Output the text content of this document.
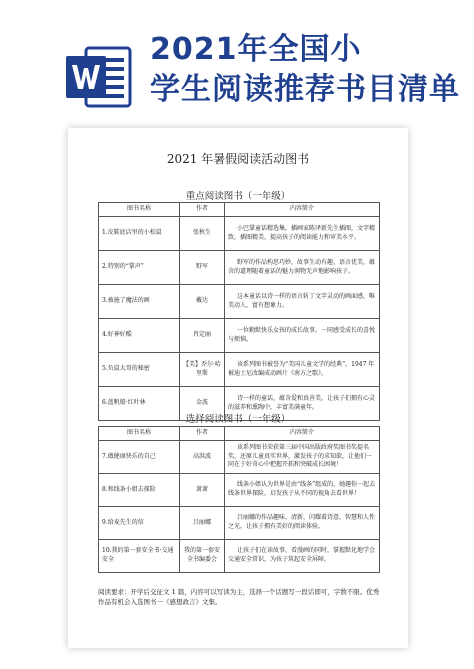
2021年全国小
学生阅读推荐书目清单
2021 年暑假阅读活动图书
重点阅读图书（一年级）
图书名称	作者	内容简介
1.皮鞋底店里的小松鼠	张秋生	小巴掌童话精选集，插画家陈泽新先生插图，文字精致，插图精美，提高孩子的阅读能力和审美水平。
2.特别的“掌声”	野军	野军的作品构思巧妙，故事生动有趣，语言优美，蕴含的道理随着童话的魅力润物无声地影响孩子。
3.被施了魔法的画	戴达	这本童话以诗一样的语言斩丁文字灵动的画面感，唯美动人，富有想象力。
4.好神好酷	肖定丽	一位勤默快乐女孩的成长故事，一同感受成长的喜悦与烦恼。
5.负鼠大哥的秘密	【美】乔尔·哈里斯	该系列图书被誉为“美国儿童文学的经典”，1947 年被迪士尼改编成动画片《南方之歌》。
6.蓝帆船·红叶林	金波	诗一样的童话，蕴含爱和真善美，让孩子们拥有心灵的滋养和熏陶中，丰富美满童年。
选择阅读图书（一年级）
图书名称	作者	内容简介
7.做健康快乐的自己	高洪波	该系列图书荣获第三届中国出版政府奖图书奖提名奖，还原儿童真实世界，激发孩子的求知欲，让他们一同在于好奇心中把握开拓和突破成长困境！
8.和线条小姐去探险	萧萧	线条小姐认为世界是由“线条”组成的，她趣你一起去线条世界探险，启发孩子从不同的视角去看世界！
9.给麦先生的信	吕丽娜	吕丽娜的作品趣味，清新，闪耀着诗意，智慧和人性之光，让孩子拥有美好的阅读体验。
10.我的第一套安全书·交通安全	我的第一套安全书编委会	让孩子们在读故事，看漫画的同时，掌握默化地学会交通安全常识，为孩子筑起安全屏障。
阅读要求：开学后交征文 1 篇，内容可以写读为主，选择一个话题写一段话即可，字数不限。优秀作品有机会入选图书一《感想政言》文集。
